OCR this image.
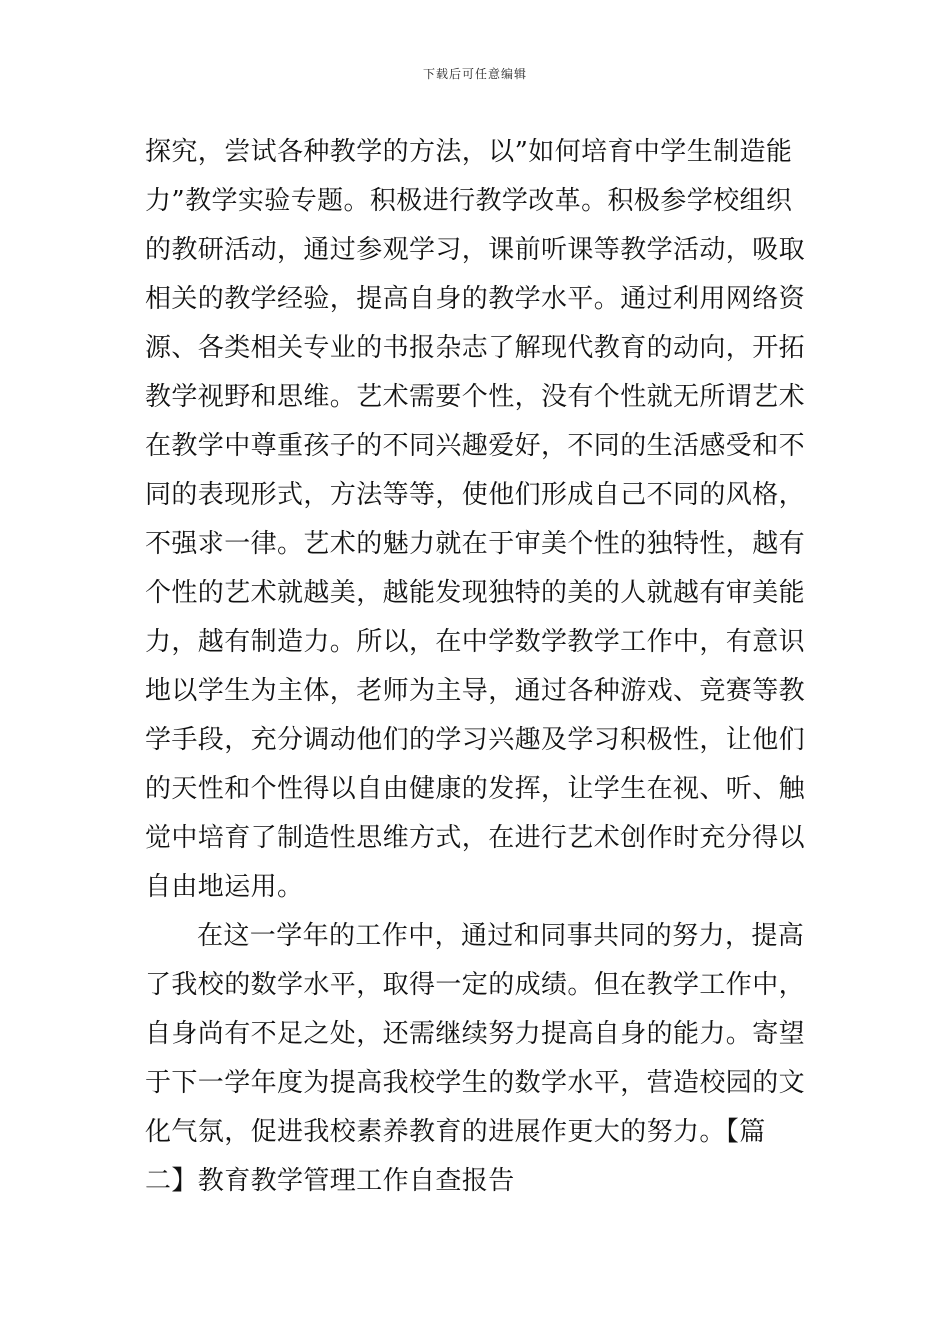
下载后可任意编辑
探究，尝试各种教学的方法，以”如何培育中学生制造能
力”教学实验专题。积极进行教学改革。积极参学校组织
的教研活动，通过参观学习，课前听课等教学活动，吸取
相关的教学经验，提高自身的教学水平。通过利用网络资
源、各类相关专业的书报杂志了解现代教育的动向，开拓
教学视野和思维。艺术需要个性，没有个性就无所谓艺术
在教学中尊重孩子的不同兴趣爱好，不同的生活感受和不
同的表现形式，方法等等，使他们形成自己不同的风格，
不强求一律。艺术的魅力就在于审美个性的独特性，越有
个性的艺术就越美，越能发现独特的美的人就越有审美能
力，越有制造力。所以，在中学数学教学工作中，有意识
地以学生为主体，老师为主导，通过各种游戏、竞赛等教
学手段，充分调动他们的学习兴趣及学习积极性，让他们
的天性和个性得以自由健康的发挥，让学生在视、听、触
觉中培育了制造性思维方式，在进行艺术创作时充分得以
自由地运用。
在这一学年的工作中，通过和同事共同的努力，提高
了我校的数学水平，取得一定的成绩。但在教学工作中，
自身尚有不足之处，还需继续努力提高自身的能力。寄望
于下一学年度为提高我校学生的数学水平，营造校园的文
化气氛，促进我校素养教育的进展作更大的努力。【篇
二】教育教学管理工作自查报告
